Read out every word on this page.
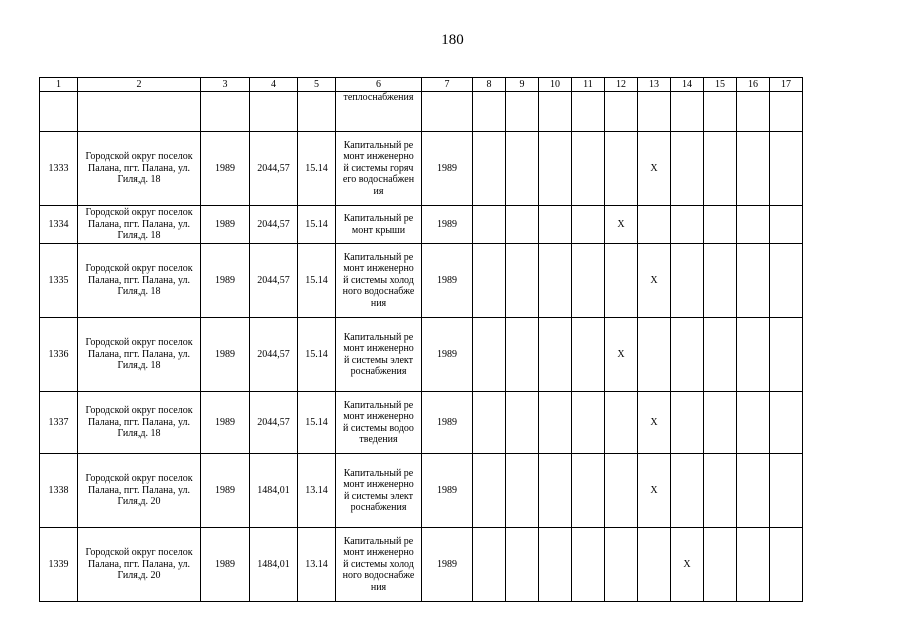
180
1	2	3	4	5	6	7	8	9	10	11	12	13	14	15	16	17
					теплоснабжения											
1333	Городской округ поселок Палана, пгт. Палана, ул. Гиля,д. 18	1989	2044,57	15.14	Капитальный ремонт инженерной системы горячего водоснабжения	1989						X				
1334	Городской округ поселок Палана, пгт. Палана, ул. Гиля,д. 18	1989	2044,57	15.14	Капитальный ремонт крыши	1989					X					
1335	Городской округ поселок Палана, пгт. Палана, ул. Гиля,д. 18	1989	2044,57	15.14	Капитальный ремонт инженерной системы холодного водоснабжения	1989						X				
1336	Городской округ поселок Палана, пгт. Палана, ул. Гиля,д. 18	1989	2044,57	15.14	Капитальный ремонт инженерной системы электроснабжения	1989					X					
1337	Городской округ поселок Палана, пгт. Палана, ул. Гиля,д. 18	1989	2044,57	15.14	Капитальный ремонт инженерной системы водоотведения	1989						X				
1338	Городской округ поселок Палана, пгт. Палана, ул. Гиля,д. 20	1989	1484,01	13.14	Капитальный ремонт инженерной системы электроснабжения	1989						X				
1339	Городской округ поселок Палана, пгт. Палана, ул. Гиля,д. 20	1989	1484,01	13.14	Капитальный ремонт инженерной системы холодного водоснабжения	1989							X			
